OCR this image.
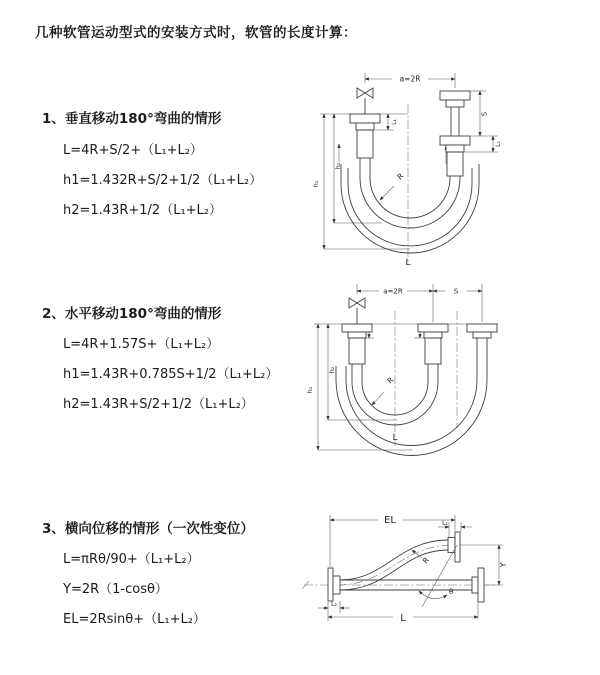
几种软管运动型式的安装方式时，软管的长度计算：
1、垂直移动180°弯曲的情形
L=4R+S/2+（L₁+L₂）
h1=1.432R+S/2+1/2（L₁+L₂）
h2=1.43R+1/2（L₁+L₂）
2、水平移动180°弯曲的情形
L=4R+1.57S+（L₁+L₂）
h1=1.43R+0.785S+1/2（L₁+L₂）
h2=1.43R+S/2+1/2（L₁+L₂）
3、横向位移的情形（一次性变位）
L=πRθ/90+（L₁+L₂）
Y=2R（1-cosθ）
EL=2Rsinθ+（L₁+L₂）
a=2R
h₁
h₂
L₁
S
L₂
R
L
a=2R	S
h₁
h₂
R
L
EL	L₁
Y
L₂
L
θ
R
